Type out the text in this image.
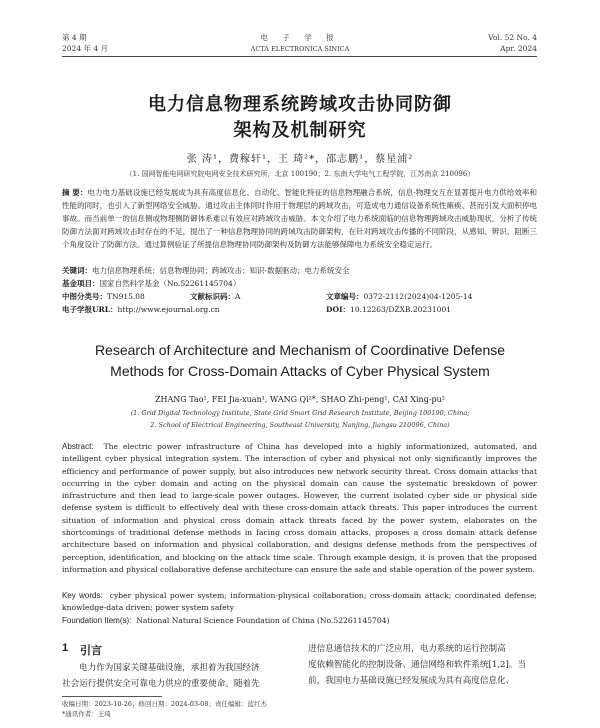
第 4 期
2024 年 4 月
电 子 学 报
ACTA ELECTRONICA SINICA
Vol. 52 No. 4
Apr. 2024
电力信息物理系统跨域攻击协同防御
架构及机制研究
张 涛¹，费稼轩¹，王 琦²*，邵志鹏¹，蔡星浦²
（1. 国网智能电网研究院电网安全技术研究所，北京 100190；2. 东南大学电气工程学院，江苏南京 210096）
摘 要：电力电力基础设施已经发展成为具有高度信息化、自动化、智能化特征的信息物理融合系统，信息-物理交互在显著提升电力供给效率和性能的同时，也引入了新型网络安全威胁。通过攻击主体同时作用于物理层的跨域攻击，可造成电力通信设备系统性瘫痪、甚而引发大面积停电事故。而当前单一的信息侧或物理侧防御体系难以有效应对跨域攻击威胁。本文介绍了电力系统面临的信息物理跨域攻击威胁现状，分析了传统防御方法面对跨域攻击时存在的不足，提出了一种信息物理协同的跨域攻击防御架构，在针对跨域攻击传播的不同阶段，从感知、辨识、阻断三个角度设计了防御方法。通过算例验证了所提信息物理协同防御架构及防御方法能够保障电力系统安全稳定运行。
关键词：电力信息物理系统；信息物理协同；跨域攻击；知识-数据驱动；电力系统安全
基金项目：国家自然科学基金（No.52261145704）
中图分类号：TN915.08	文献标识码：A	文章编号：0372-2112(2024)04-1205-14
电子学报URL：http://www.ejournal.org.cn	DOI：10.12263/DZXB.20231001
Research of Architecture and Mechanism of Coordinative Defense
Methods for Cross-Domain Attacks of Cyber Physical System
ZHANG Tao¹, FEI Jia-xuan¹, WANG Qi²*, SHAO Zhi-peng¹, CAI Xing-pu²
(1. Grid Digital Technology Institute, State Grid Smart Grid Research Institute, Beijing 100190, China;
2. School of Electrical Engineering, Southeast University, Nanjing, Jiangsu 210096, China)
Abstract: The electric power infrastructure of China has developed into a highly informationized, automated, and intelligent cyber physical integration system. The interaction of cyber and physical not only significantly improves the efficiency and performance of power supply, but also introduces new network security threat. Cross domain attacks that occurring in the cyber domain and acting on the physical domain can cause the systematic breakdown of power infrastructure and then lead to large-scale power outages. However, the current isolated cyber side or physical side defense system is difficult to effectively deal with these cross-domain attack threats. This paper introduces the current situation of information and physical cross domain attack threats faced by the power system, elaborates on the shortcomings of traditional defense methods in facing cross domain attacks, proposes a cross domain attack defense architecture based on information and physical collaboration, and designs defense methods from the perspectives of perception, identification, and blocking on the attack time scale. Through example design, it is proven that the proposed information and physical collaborative defense architecture can ensure the safe and stable operation of the power system.
Key words: cyber physical power system; information-physical collaboration; cross-domain attack; coordinated defense; knowledge-data driven; power system safety
Foundation Item(s): National Natural Science Foundation of China (No.52261145704)
1 引言
电力作为国家关键基础设施，承担着为我国经济
社会运行提供安全可靠电力供应的重要使命。随着先
进信息通信技术的广泛应用，电力系统的运行控制高
度依赖智能化的控制设备、通信网络和软件系统[1,2]。当
前，我国电力基础设施已经发展成为具有高度信息化、
收稿日期：2023-10-26；修回日期：2024-03-08；责任编辑：蓝红杰
*通讯作者：王琦
